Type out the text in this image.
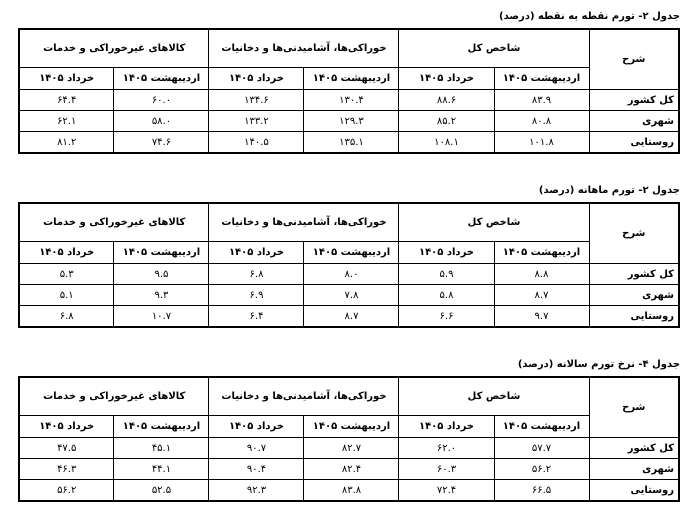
جدول ۲- تورم نقطه به نقطه (درصد)
شرح	شاخص کل		خوراکی‌ها، آشامیدنی‌ها و دخانیات		کالاهای غیرخوراکی و خدمات	
	اردیبهشت ۱۴۰۵	خرداد ۱۴۰۵	اردیبهشت ۱۴۰۵	خرداد ۱۴۰۵	اردیبهشت ۱۴۰۵	خرداد ۱۴۰۵
کل کشور	۸۳.۹	۸۸.۶	۱۳۰.۴	۱۳۴.۶	۶۰.۰	۶۴.۴
شهری	۸۰.۸	۸۵.۲	۱۲۹.۳	۱۳۳.۲	۵۸.۰	۶۲.۱
روستایی	۱۰۱.۸	۱۰۸.۱	۱۳۵.۱	۱۴۰.۵	۷۴.۶	۸۱.۲
جدول ۲- تورم ماهانه (درصد)
شرح	شاخص کل		خوراکی‌ها، آشامیدنی‌ها و دخانیات		کالاهای غیرخوراکی و خدمات	
	اردیبهشت ۱۴۰۵	خرداد ۱۴۰۵	اردیبهشت ۱۴۰۵	خرداد ۱۴۰۵	اردیبهشت ۱۴۰۵	خرداد ۱۴۰۵
کل کشور	۸.۸	۵.۹	۸.۰	۶.۸	۹.۵	۵.۳
شهری	۸.۷	۵.۸	۷.۸	۶.۹	۹.۳	۵.۱
روستایی	۹.۷	۶.۶	۸.۷	۶.۴	۱۰.۷	۶.۸
جدول ۴- نرخ تورم سالانه (درصد)
شرح	شاخص کل		خوراکی‌ها، آشامیدنی‌ها و دخانیات		کالاهای غیرخوراکی و خدمات	
	اردیبهشت ۱۴۰۵	خرداد ۱۴۰۵	اردیبهشت ۱۴۰۵	خرداد ۱۴۰۵	اردیبهشت ۱۴۰۵	خرداد ۱۴۰۵
کل کشور	۵۷.۷	۶۲.۰	۸۲.۷	۹۰.۷	۴۵.۱	۴۷.۵
شهری	۵۶.۲	۶۰.۳	۸۲.۴	۹۰.۴	۴۴.۱	۴۶.۳
روستایی	۶۶.۵	۷۲.۴	۸۳.۸	۹۲.۳	۵۲.۵	۵۶.۲
